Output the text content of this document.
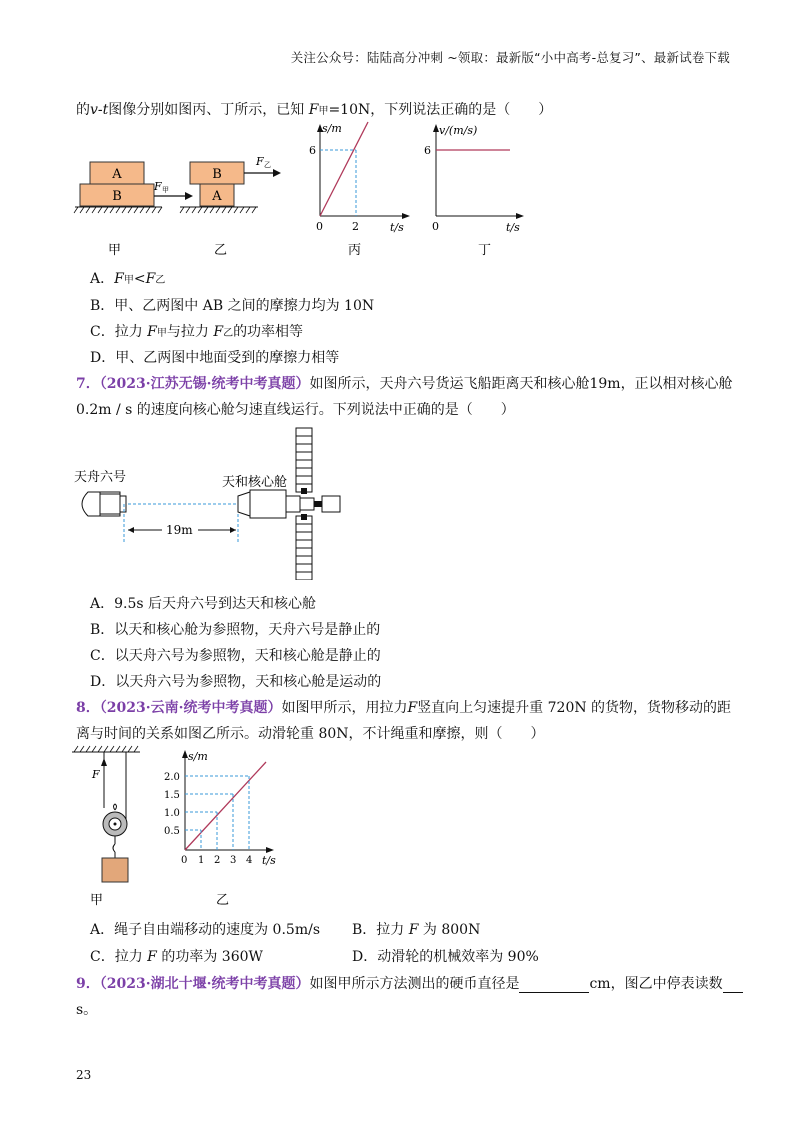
关注公众号：陆陆高分冲刺 ~领取：最新版“小中高考-总复习”、最新试卷下载
的v-t图像分别如图丙、丁所示，已知 F甲=10N，下列说法正确的是（　　）
A
B
F 甲
甲
B
A
F 乙
乙
s/m
t/s
6
2
0
丙
v/(m/s)
t/s
6
0
丁
A．F甲<F乙
B．甲、乙两图中 AB 之间的摩擦力均为 10N
C．拉力 F甲与拉力 F乙的功率相等
D．甲、乙两图中地面受到的摩擦力相等
7．（2023·江苏无锡·统考中考真题）如图所示，天舟六号货运飞船距离天和核心舱19m，正以相对核心舱
0.2m / s 的速度向核心舱匀速直线运行。下列说法中正确的是（　　）
天舟六号	天和核心舱
19m
A．9.5s 后天舟六号到达天和核心舱
B．以天和核心舱为参照物，天舟六号是静止的
C．以天舟六号为参照物，天和核心舱是静止的
D．以天舟六号为参照物，天和核心舱是运动的
8．（2023·云南·统考中考真题）如图甲所示，用拉力F竖直向上匀速提升重 720N 的货物，货物移动的距
离与时间的关系如图乙所示。动滑轮重 80N，不计绳重和摩擦，则（　　）
F
甲
s/m
t/s
0.5
1.0
1.5
2.0
1 2 3 4
0
乙
A．绳子自由端移动的速度为 0.5m/s B．拉力 F 为 800N
C．拉力 F 的功率为 360W	D．动滑轮的机械效率为 90%
9．（2023·湖北十堰·统考中考真题）如图甲所示方法测出的硬币直径是	cm，图乙中停表读数
s。
23
